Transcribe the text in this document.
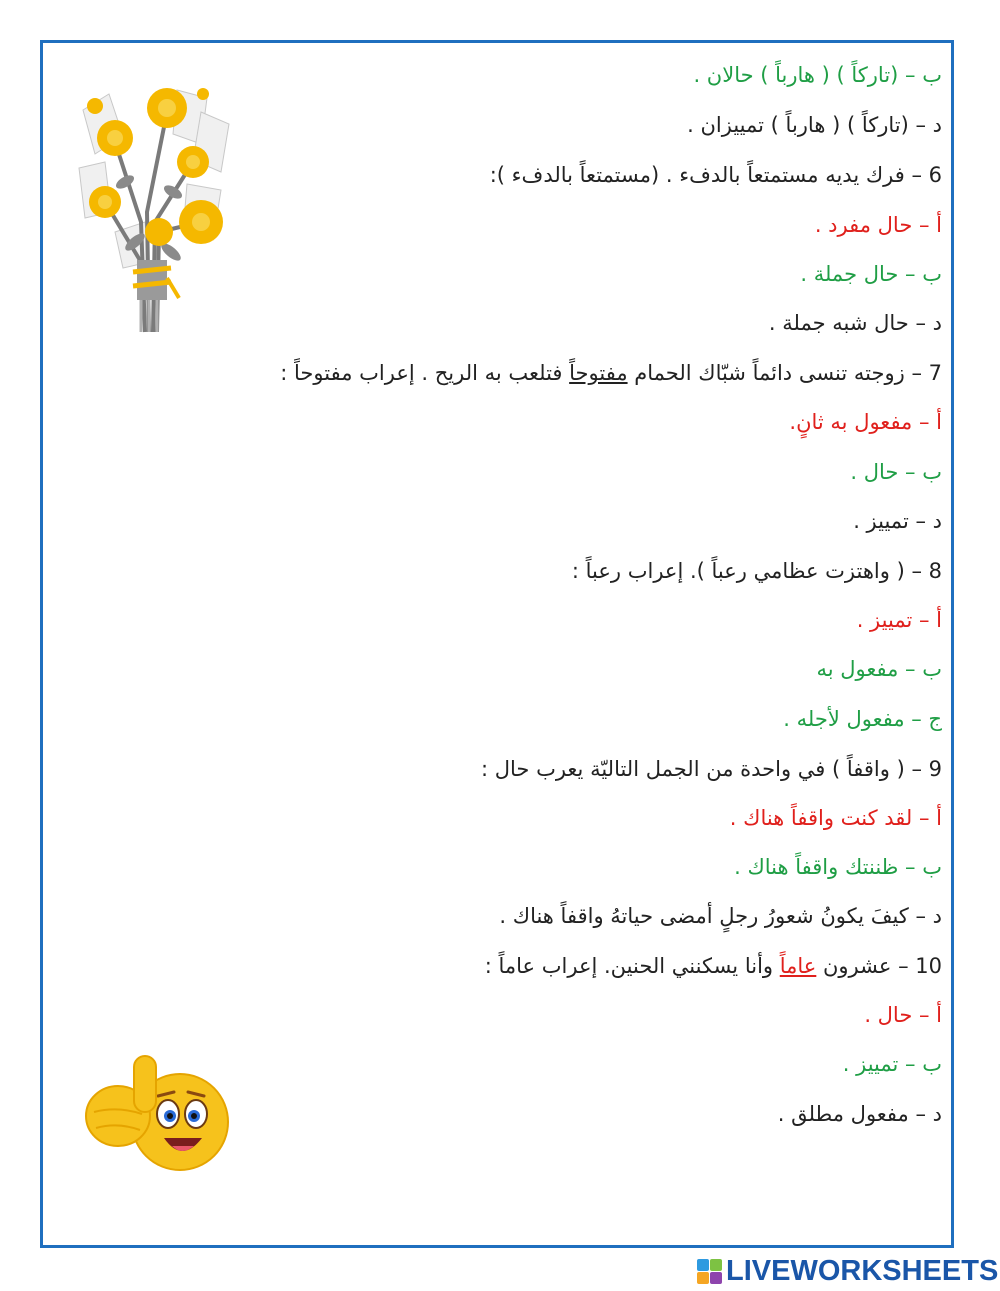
ب – (تاركاً ) ( هارباً ) حالان .
د – (تاركاً ) ( هارباً ) تمييزان .
6 – فرك يديه مستمتعاً بالدفء . (مستمتعاً بالدفء ):
أ – حال مفرد .
ب – حال جملة .
د – حال شبه جملة .
7 – زوجته تنسى دائماً شبّاك الحمام مفتوحاً فتلعب به الريح . إعراب مفتوحاً :
أ – مفعول به ثانٍ.
ب – حال .
د – تمييز .
8 – ( واهتزت عظامي رعباً ). إعراب رعباً :
أ – تمييز .
ب – مفعول به
ج – مفعول لأجله .
9 – ( واقفاً ) في واحدة من الجمل التاليّة يعرب حال :
أ – لقد كنت واقفاً هناك .
ب – ظننتك واقفاً هناك .
د – كيفَ يكونُ شعورُ رجلٍ أمضى حياتهُ واقفاً هناك .
10 – عشرون عاماً وأنا يسكنني الحنين. إعراب عاماً :
أ – حال .
ب – تمييز .
د – مفعول مطلق .
LIVEWORKSHEETS
